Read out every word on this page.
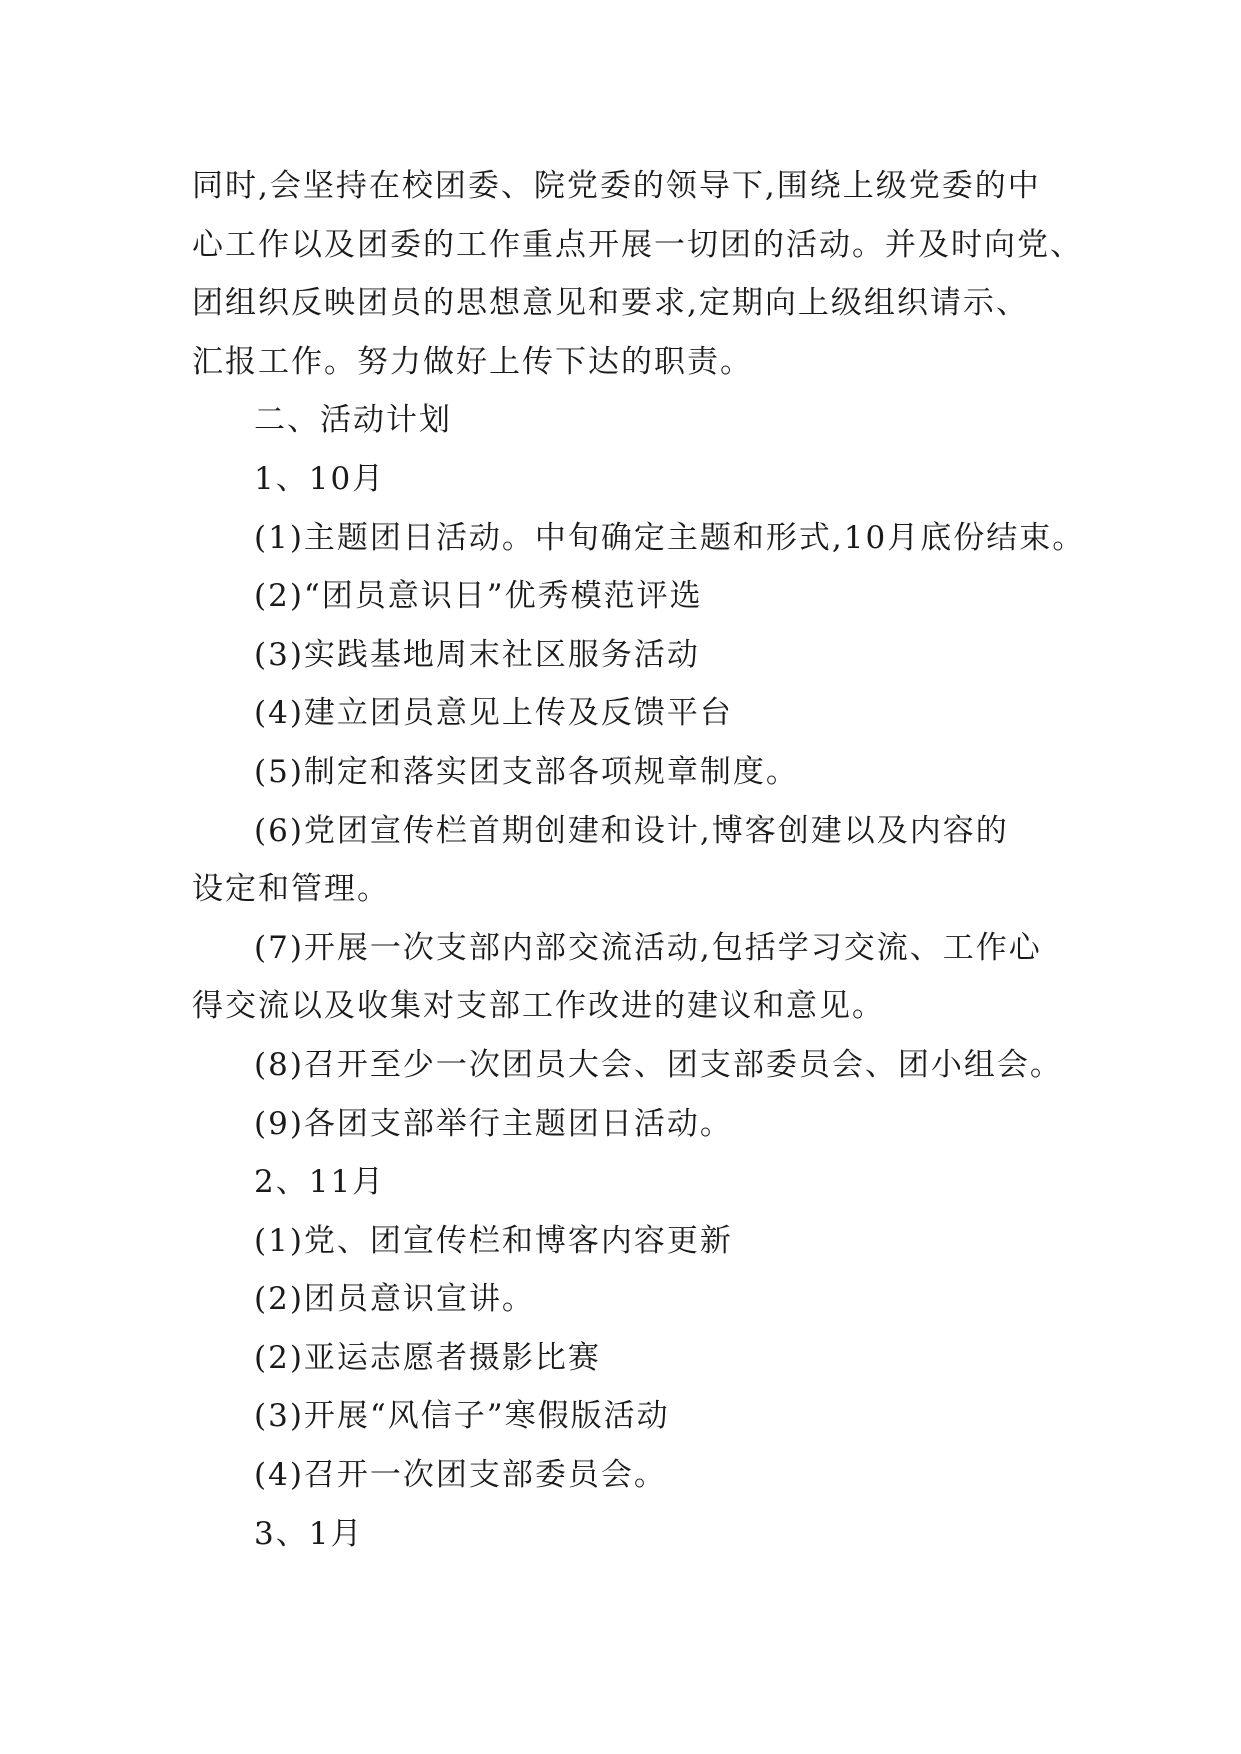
同时,会坚持在校团委、院党委的领导下,围绕上级党委的中
心工作以及团委的工作重点开展一切团的活动。并及时向党、
团组织反映团员的思想意见和要求,定期向上级组织请示、
汇报工作。努力做好上传下达的职责。
二、活动计划
1、10月
(1)主题团日活动。中旬确定主题和形式,10月底份结束。
(2)“团员意识日”优秀模范评选
(3)实践基地周末社区服务活动
(4)建立团员意见上传及反馈平台
(5)制定和落实团支部各项规章制度。
(6)党团宣传栏首期创建和设计,博客创建以及内容的
设定和管理。
(7)开展一次支部内部交流活动,包括学习交流、工作心
得交流以及收集对支部工作改进的建议和意见。
(8)召开至少一次团员大会、团支部委员会、团小组会。
(9)各团支部举行主题团日活动。
2、11月
(1)党、团宣传栏和博客内容更新
(2)团员意识宣讲。
(2)亚运志愿者摄影比赛
(3)开展“风信子”寒假版活动
(4)召开一次团支部委员会。
3、1月
